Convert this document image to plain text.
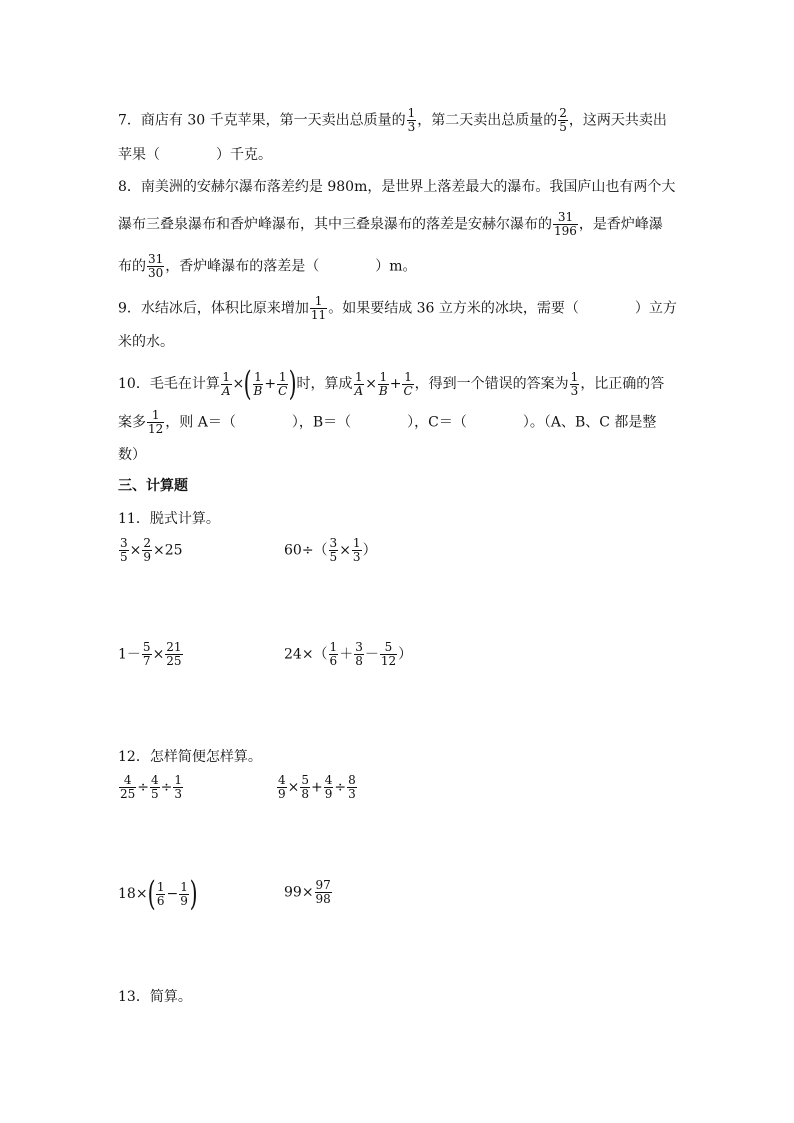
7．商店有 30 千克苹果，第一天卖出总质量的 $\frac{1}{3}$ ，第二天卖出总质量的 $\frac{2}{5}$ ，这两天共卖出
苹果（　　　　）千克。
8．南美洲的安赫尔瀑布落差约是 980m，是世界上落差最大的瀑布。我国庐山也有两个大
瀑布三叠泉瀑布和香炉峰瀑布，其中三叠泉瀑布的落差是安赫尔瀑布的 $\frac{31}{196}$ ，是香炉峰瀑
布的 $\frac{31}{30}$ ，香炉峰瀑布的落差是（　　　　）m。
9．水结冰后，体积比原来增加 $\frac{1}{11}$ 。如果要结成 36 立方米的冰块，需要（　　　　）立方
米的水。
10．毛毛在计算 $\frac{1}{A}$ ×( $\frac{1}{B} + \frac{1}{C}$ )时，算成 $\frac{1}{A} \times \frac{1}{B} + \frac{1}{C}$ ，得到一个错误的答案为 $\frac{1}{3}$ ，比正确的答
案多 $\frac{1}{12}$ ，则 A＝（　　　　），B＝（　　　　），C＝（　　　　）。（A、B、C 都是整
数）
三、计算题
11．脱式计算。
$\frac{3}{5} \times \frac{2}{9} \times 25$	$60\div( \frac{3}{5} \times \frac{1}{3}$ ）
$1- \frac{5}{7} \times \frac{21}{25}$	$24\times( \frac{1}{6} + \frac{3}{8} - \frac{5}{12}$ ）
12．怎样简便怎样算。
$\frac{4}{25} \div \frac{4}{5} \div \frac{1}{3}$	$\frac{4}{9} \times \frac{5}{8} + \frac{4}{9} \div \frac{8}{3}$
$18\times( \frac{1}{6} - \frac{1}{9}$ )	$99\times \frac{97}{98}$
13．简算。
